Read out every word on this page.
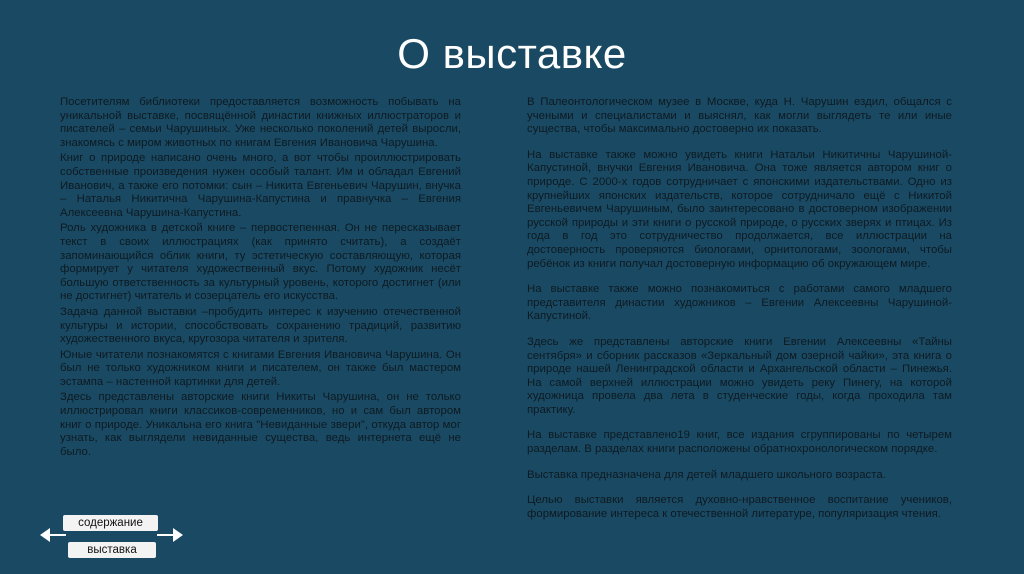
О выставке

Посетителям библиотеки предоставляется возможность побывать на уникальной выставке, посвящённой династии книжных иллюстраторов и писателей – семьи Чарушиных. Уже несколько поколений детей выросли, знакомясь с миром животных по книгам Евгения Ивановича Чарушина.

Книг о природе написано очень много, а вот чтобы проиллюстрировать собственные произведения нужен особый талант. Им и обладал Евгений Иванович, а также его потомки: сын – Никита Евгеньевич Чарушин, внучка – Наталья Никитична Чарушина-Капустина и правнучка – Евгения Алексеевна Чарушина-Капустина.

Роль художника в детской книге – первостепенная. Он не пересказывает текст в своих иллюстрациях (как принято считать), а создаёт запоминающийся облик книги, ту эстетическую составляющую, которая формирует у читателя художественный вкус. Потому художник несёт большую ответственность за культурный уровень, которого достигнет (или не достигнет) читатель и созерцатель его искусства.

Задача данной выставки –пробудить интерес к изучению отечественной культуры и истории, способствовать сохранению традиций, развитию художественного вкуса, кругозора читателя и зрителя.

Юные читатели познакомятся с книгами Евгения Ивановича Чарушина. Он был не только художником книги и писателем, он также был мастером эстампа – настенной картинки для детей.

Здесь представлены авторские книги Никиты Чарушина, он не только иллюстрировал книги классиков-современников, но и сам был автором книг о природе. Уникальна его книга "Невиданные звери", откуда автор мог узнать, как выглядели невиданные существа, ведь интернета ещё не было.

В Палеонтологическом музее в Москве, куда Н. Чарушин ездил, общался с учеными и специалистами и выяснял, как могли выглядеть те или иные существа, чтобы максимально достоверно их показать.

На выставке также можно увидеть книги Натальи Никитичны Чарушиной-Капустиной, внучки Евгения Ивановича. Она тоже является автором книг о природе. С 2000-х годов сотрудничает с японскими издательствами. Одно из крупнейших японских издательств, которое сотрудничало ещё с Никитой Евгеньевичем Чарушиным, было заинтересовано в достоверном изображении русской природы и эти книги о русской природе, о русских зверях и птицах. Из года в год это сотрудничество продолжается, все иллюстрации на достоверность проверяются биологами, орнитологами, зоологами, чтобы ребёнок из книги получал достоверную информацию об окружающем мире.

На выставке также можно познакомиться с работами самого младшего представителя династии художников – Евгении Алексеевны Чарушиной-Капустиной.

Здесь же представлены авторские книги Евгении Алексеевны «Тайны сентября» и сборник рассказов «Зеркальный дом озерной чайки», эта книга о природе нашей Ленинградской области и Архангельской области – Пинежья. На самой верхней иллюстрации можно увидеть реку Пинегу, на которой художница провела два лета в студенческие годы, когда проходила там практику.

На выставке представлено19 книг, все издания сгруппированы по четырем разделам. В разделах книги расположены обратнохронологическом порядке.

Выставка предназначена для детей младшего школьного возраста.

Целью выставки является духовно-нравственное воспитание учеников, формирование интереса к отечественной литературе, популяризация чтения.

содержание
выставка
